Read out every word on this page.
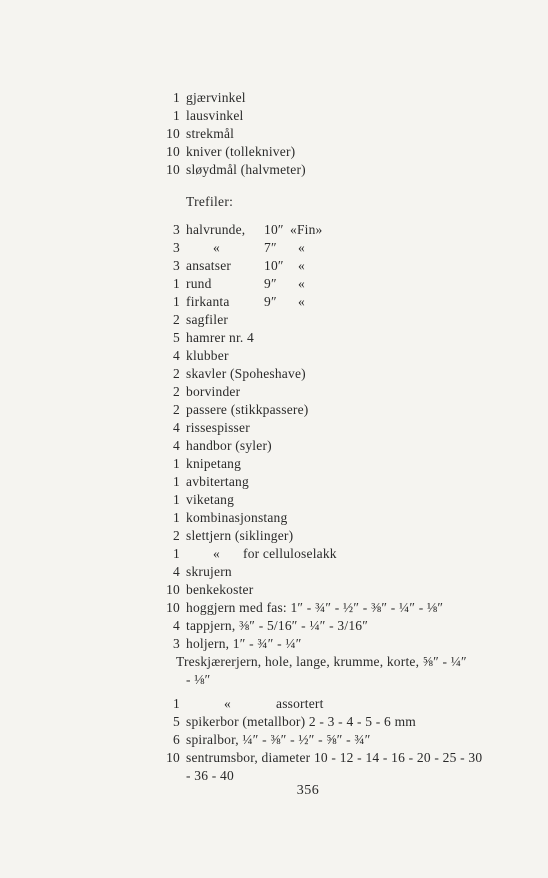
1 gjærvinkel
1 lausvinkel
10 strekmål
10 kniver (tollekniver)
10 sløydmål (halvmeter)
Trefiler:
3 halvrunde, 10″ «Fin»
3 «	7″ «
3 ansatser 10″ «
1 rund	9″ «
1 firkanta	9″ «
2 sagfiler
5 hamrer nr. 4
4 klubber
2 skavler (Spoheshave)
2 borvinder
2 passere (stikkpassere)
4 rissespisser
4 handbor (syler)
1 knipetang
1 avbitertang
1 viketang
1 kombinasjonstang
2 slettjern (siklinger)
1 « for celluloselakk
4 skrujern
10 benkekoster
10 hoggjern med fas: 1″ - ¾″ - ½″ - ⅜″ - ¼″ - ⅛″
4 tappjern, ⅜″ - 5/16″ - ¼″ - 3/16″
3 holjern, 1″ - ¾″ - ¼″
Treskjærerjern, hole, lange, krumme, korte, ⅝″ - ¼″
- ⅛″
1	«	assortert
5 spikerbor (metallbor) 2 - 3 - 4 - 5 - 6 mm
6 spiralbor, ¼″ - ⅜″ - ½″ - ⅝″ - ¾″
10 sentrumsbor, diameter 10 - 12 - 14 - 16 - 20 - 25 - 30
- 36 - 40
356
